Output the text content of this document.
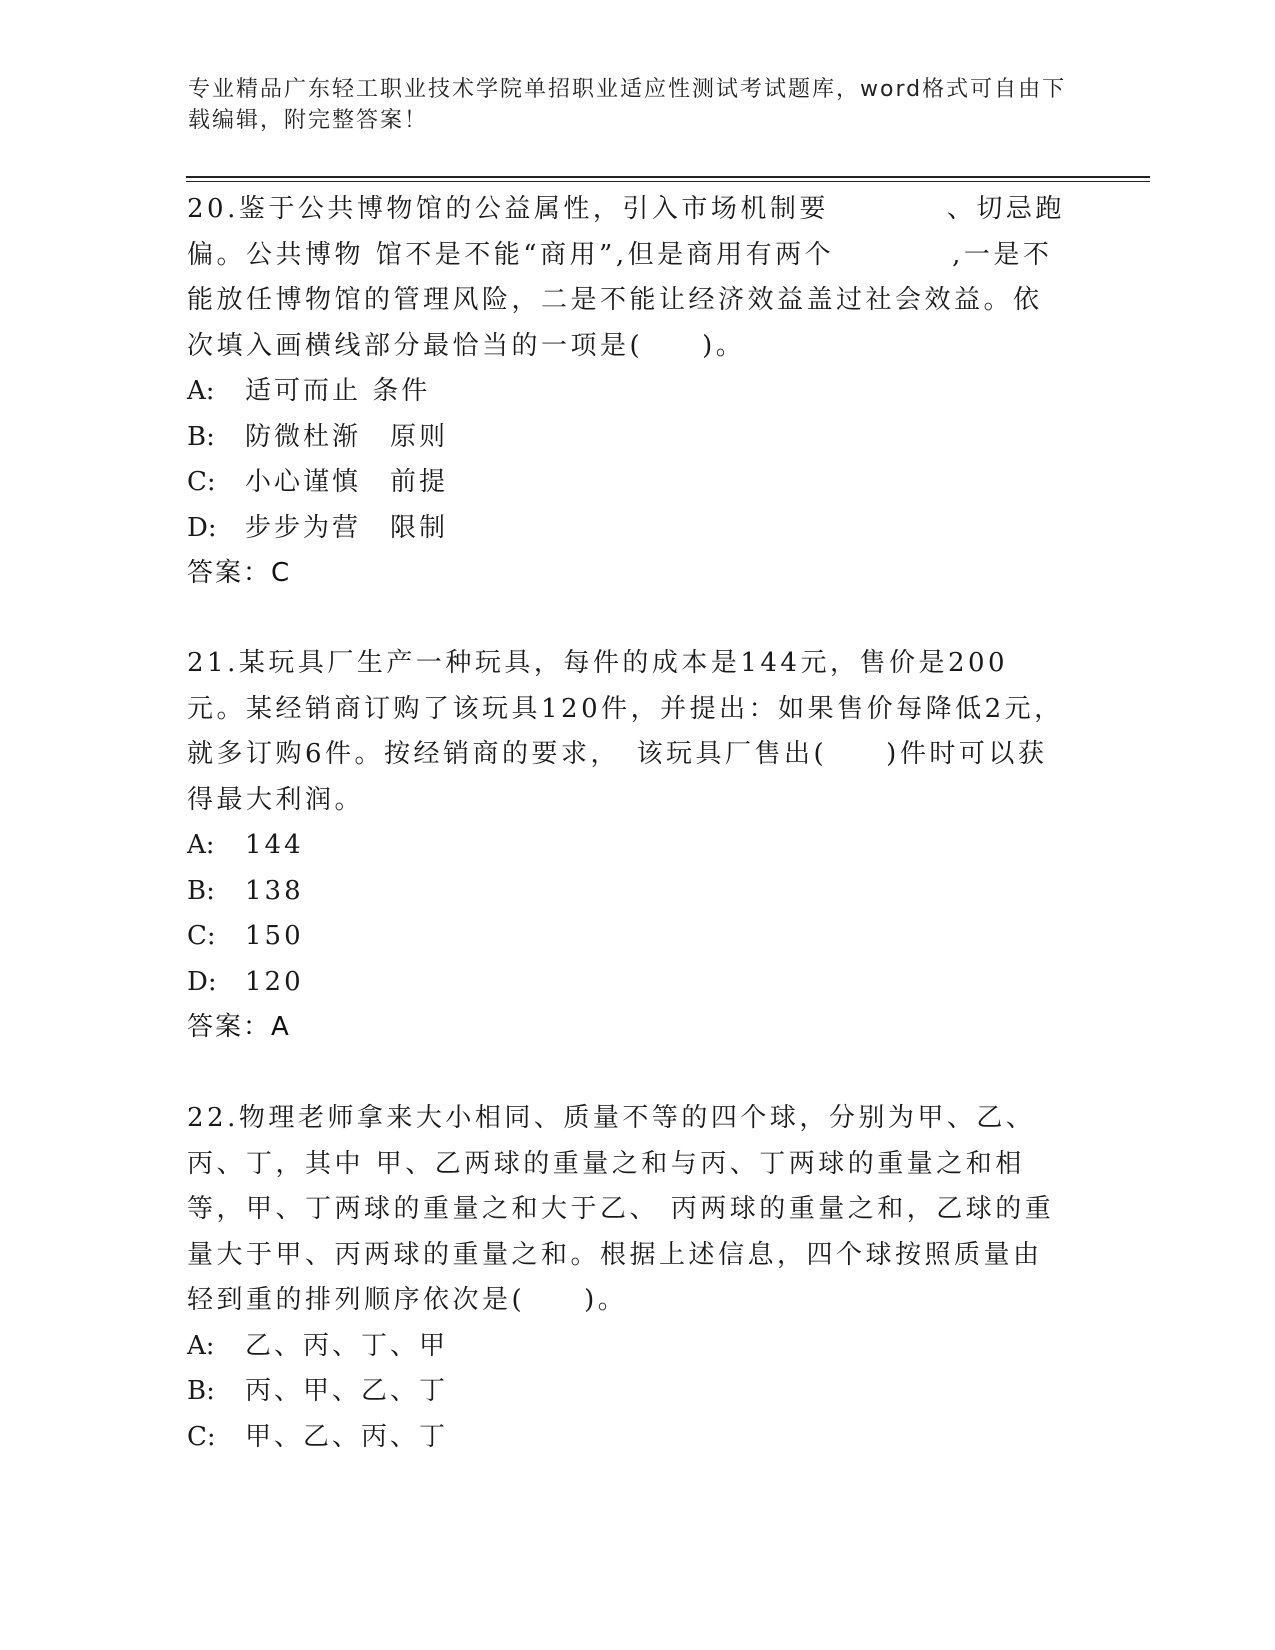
专业精品广东轻工职业技术学院单招职业适应性测试考试题库，word格式可自由下载编辑，附完整答案！

20.鉴于公共博物馆的公益属性，引入市场机制要　　　　、切忌跑偏。公共博物 馆不是不能“商用”,但是商用有两个　　　　,一是不能放任博物馆的管理风险，二是不能让经济效益盖过社会效益。依次填入画横线部分最恰当的一项是(　　)。

A: 适可而止 条件
B: 防微杜渐　原则
C: 小心谨慎　前提
D: 步步为营　限制
答案：C

21.某玩具厂生产一种玩具，每件的成本是144元，售价是200元。某经销商订购了该玩具120件，并提出：如果售价每降低2元，就多订购6件。按经销商的要求，　该玩具厂售出(　　)件时可以获得最大利润。

A: 144
B: 138
C: 150
D: 120
答案：A

22.物理老师拿来大小相同、质量不等的四个球，分别为甲、乙、丙、丁，其中 甲、乙两球的重量之和与丙、丁两球的重量之和相等，甲、丁两球的重量之和大于乙、 丙两球的重量之和，乙球的重量大于甲、丙两球的重量之和。根据上述信息，四个球按照质量由轻到重的排列顺序依次是(　　)。

A: 乙、丙、丁、甲
B: 丙、甲、乙、丁
C: 甲、乙、丙、丁
